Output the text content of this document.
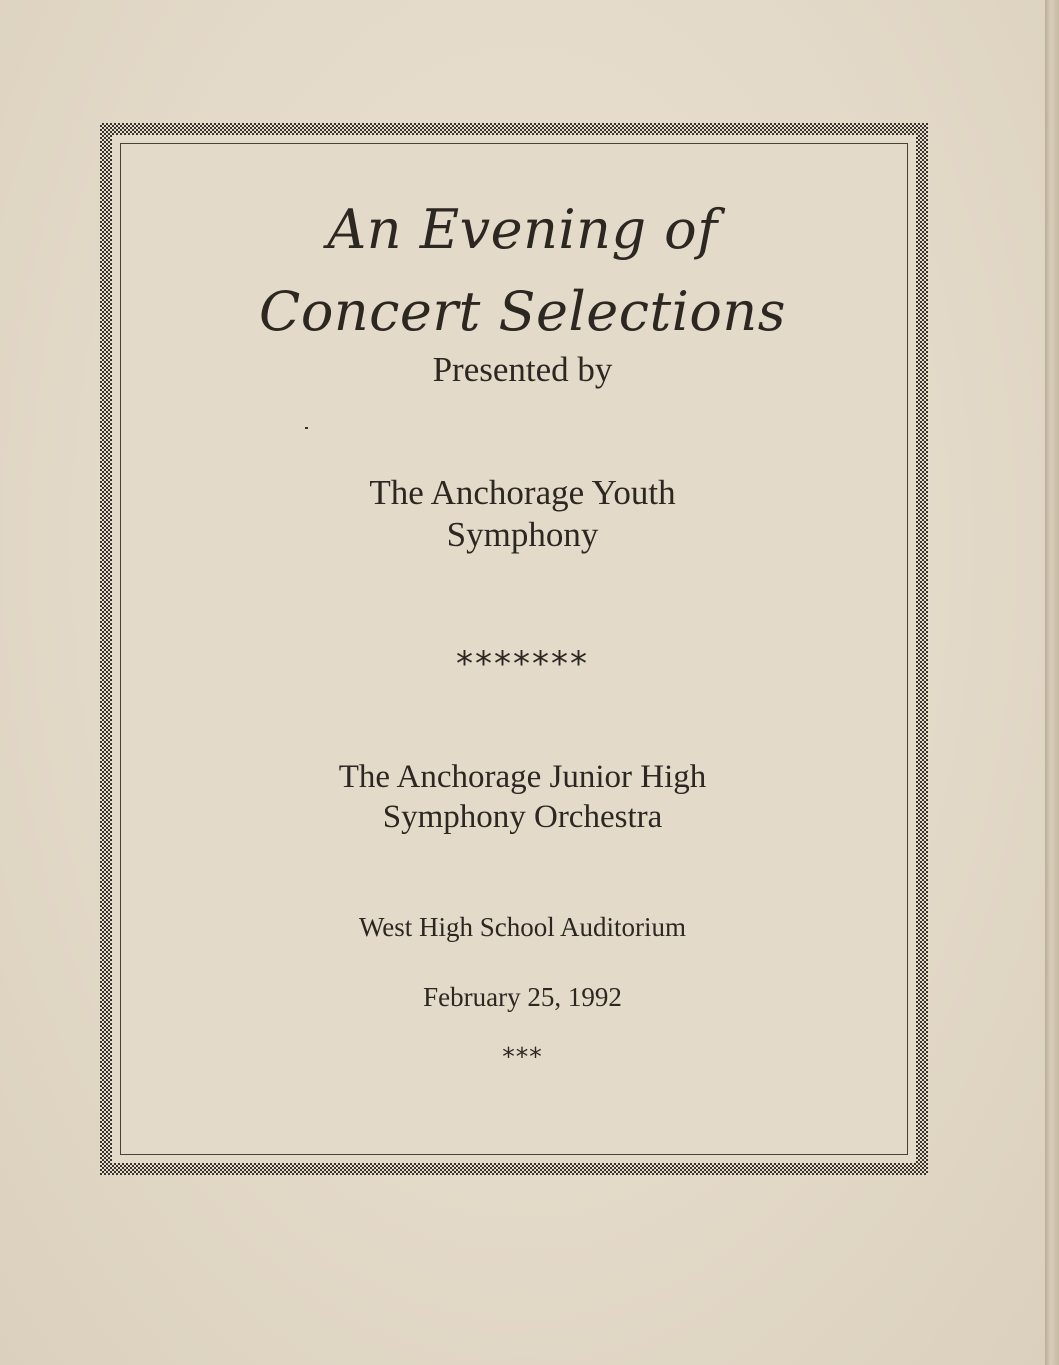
An Evening of
Concert Selections

Presented by

The Anchorage Youth
Symphony
*******
The Anchorage Junior High
Symphony Orchestra

West High School Auditorium

February 25, 1992

***
